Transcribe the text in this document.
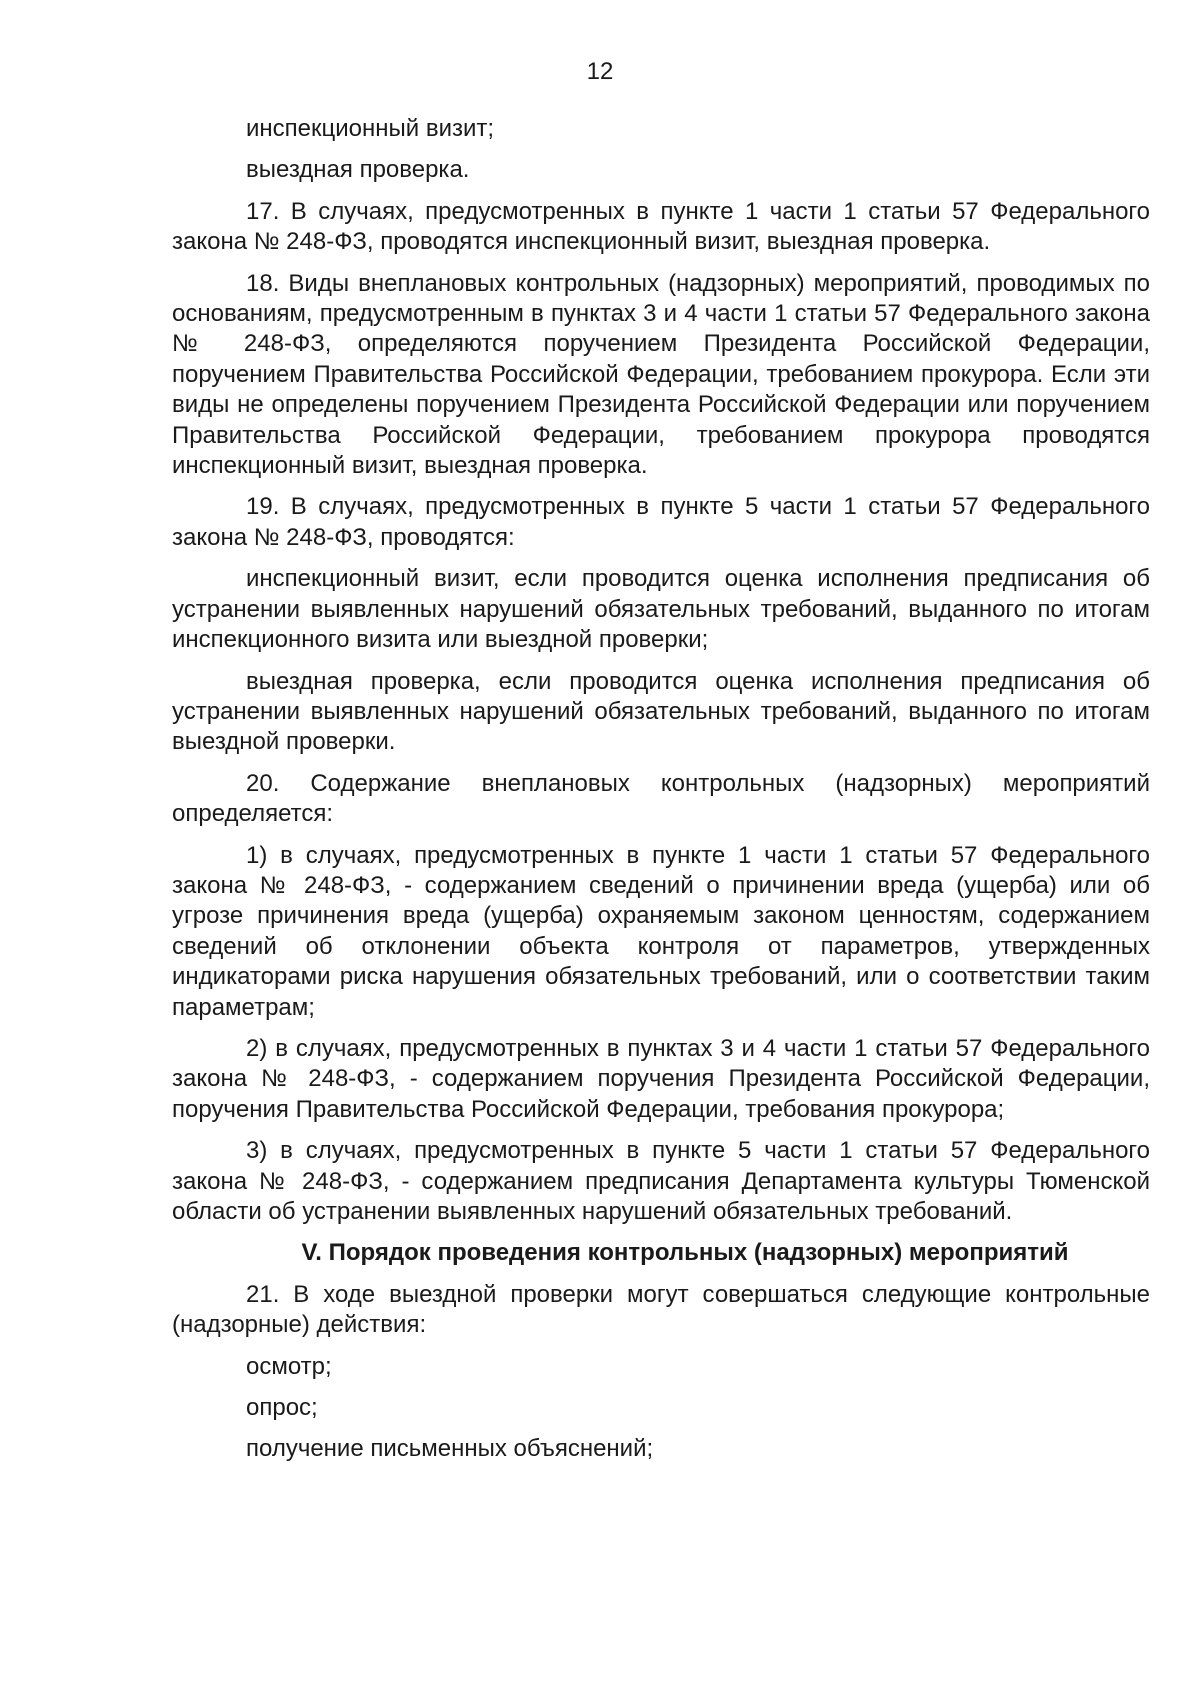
12

инспекционный визит;

выездная проверка.

17. В случаях, предусмотренных в пункте 1 части 1 статьи 57 Федерального закона № 248-ФЗ, проводятся инспекционный визит, выездная проверка.

18. Виды внеплановых контрольных (надзорных) мероприятий, проводимых по основаниям, предусмотренным в пунктах 3 и 4 части 1 статьи 57 Федерального закона № 248-ФЗ, определяются поручением Президента Российской Федерации, поручением Правительства Российской Федерации, требованием прокурора. Если эти виды не определены поручением Президента Российской Федерации или поручением Правительства Российской Федерации, требованием прокурора проводятся инспекционный визит, выездная проверка.

19. В случаях, предусмотренных в пункте 5 части 1 статьи 57 Федерального закона № 248-ФЗ, проводятся:

инспекционный визит, если проводится оценка исполнения предписания об устранении выявленных нарушений обязательных требований, выданного по итогам инспекционного визита или выездной проверки;

выездная проверка, если проводится оценка исполнения предписания об устранении выявленных нарушений обязательных требований, выданного по итогам выездной проверки.

20. Содержание внеплановых контрольных (надзорных) мероприятий определяется:

1) в случаях, предусмотренных в пункте 1 части 1 статьи 57 Федерального закона № 248-ФЗ, - содержанием сведений о причинении вреда (ущерба) или об угрозе причинения вреда (ущерба) охраняемым законом ценностям, содержанием сведений об отклонении объекта контроля от параметров, утвержденных индикаторами риска нарушения обязательных требований, или о соответствии таким параметрам;

2) в случаях, предусмотренных в пунктах 3 и 4 части 1 статьи 57 Федерального закона № 248-ФЗ, - содержанием поручения Президента Российской Федерации, поручения Правительства Российской Федерации, требования прокурора;

3) в случаях, предусмотренных в пункте 5 части 1 статьи 57 Федерального закона № 248-ФЗ, - содержанием предписания Департамента культуры Тюменской области об устранении выявленных нарушений обязательных требований.

V. Порядок проведения контрольных (надзорных) мероприятий

21. В ходе выездной проверки могут совершаться следующие контрольные (надзорные) действия:

осмотр;

опрос;

получение письменных объяснений;
